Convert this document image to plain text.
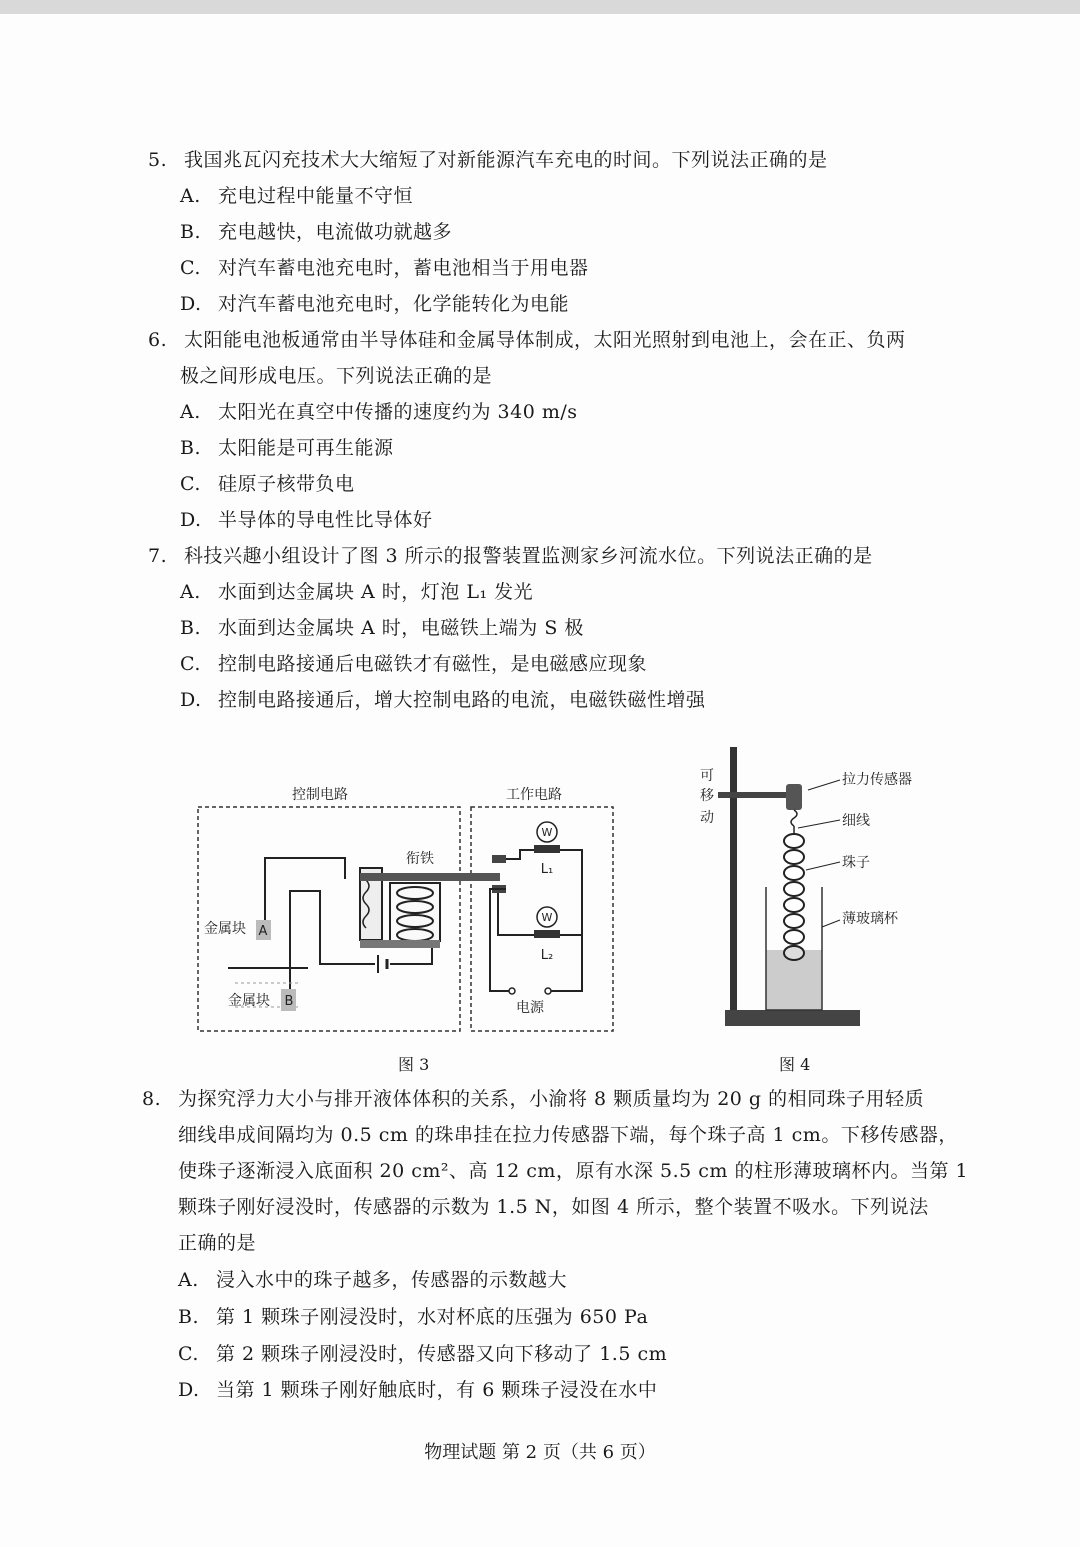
5. 我国兆瓦闪充技术大大缩短了对新能源汽车充电的时间。下列说法正确的是
A. 充电过程中能量不守恒
B. 充电越快，电流做功就越多
C. 对汽车蓄电池充电时，蓄电池相当于用电器
D. 对汽车蓄电池充电时，化学能转化为电能
6. 太阳能电池板通常由半导体硅和金属导体制成，太阳光照射到电池上，会在正、负两
极之间形成电压。下列说法正确的是
A. 太阳光在真空中传播的速度约为 340 m/s
B. 太阳能是可再生能源
C. 硅原子核带负电
D. 半导体的导电性比导体好
7. 科技兴趣小组设计了图 3 所示的报警装置监测家乡河流水位。下列说法正确的是
A. 水面到达金属块 A 时，灯泡 L₁ 发光
B. 水面到达金属块 A 时，电磁铁上端为 S 极
C. 控制电路接通后电磁铁才有磁性，是电磁感应现象
D. 控制电路接通后，增大控制电路的电流，电磁铁磁性增强
控制电路	工作电路
衔铁
金属块 A
金属块 B	电源
W
L₁
W
L₂
图 3
可
移
动
拉力传感器
细线
珠子
薄玻璃杯
图 4
8. 为探究浮力大小与排开液体体积的关系，小渝将 8 颗质量均为 20 g 的相同珠子用轻质
细线串成间隔均为 0.5 cm 的珠串挂在拉力传感器下端，每个珠子高 1 cm。下移传感器，
使珠子逐渐浸入底面积 20 cm²、高 12 cm，原有水深 5.5 cm 的柱形薄玻璃杯内。当第 1
颗珠子刚好浸没时，传感器的示数为 1.5 N，如图 4 所示，整个装置不吸水。下列说法
正确的是
A. 浸入水中的珠子越多，传感器的示数越大
B. 第 1 颗珠子刚浸没时，水对杯底的压强为 650 Pa
C. 第 2 颗珠子刚浸没时，传感器又向下移动了 1.5 cm
D. 当第 1 颗珠子刚好触底时，有 6 颗珠子浸没在水中
物理试题 第 2 页（共 6 页）
